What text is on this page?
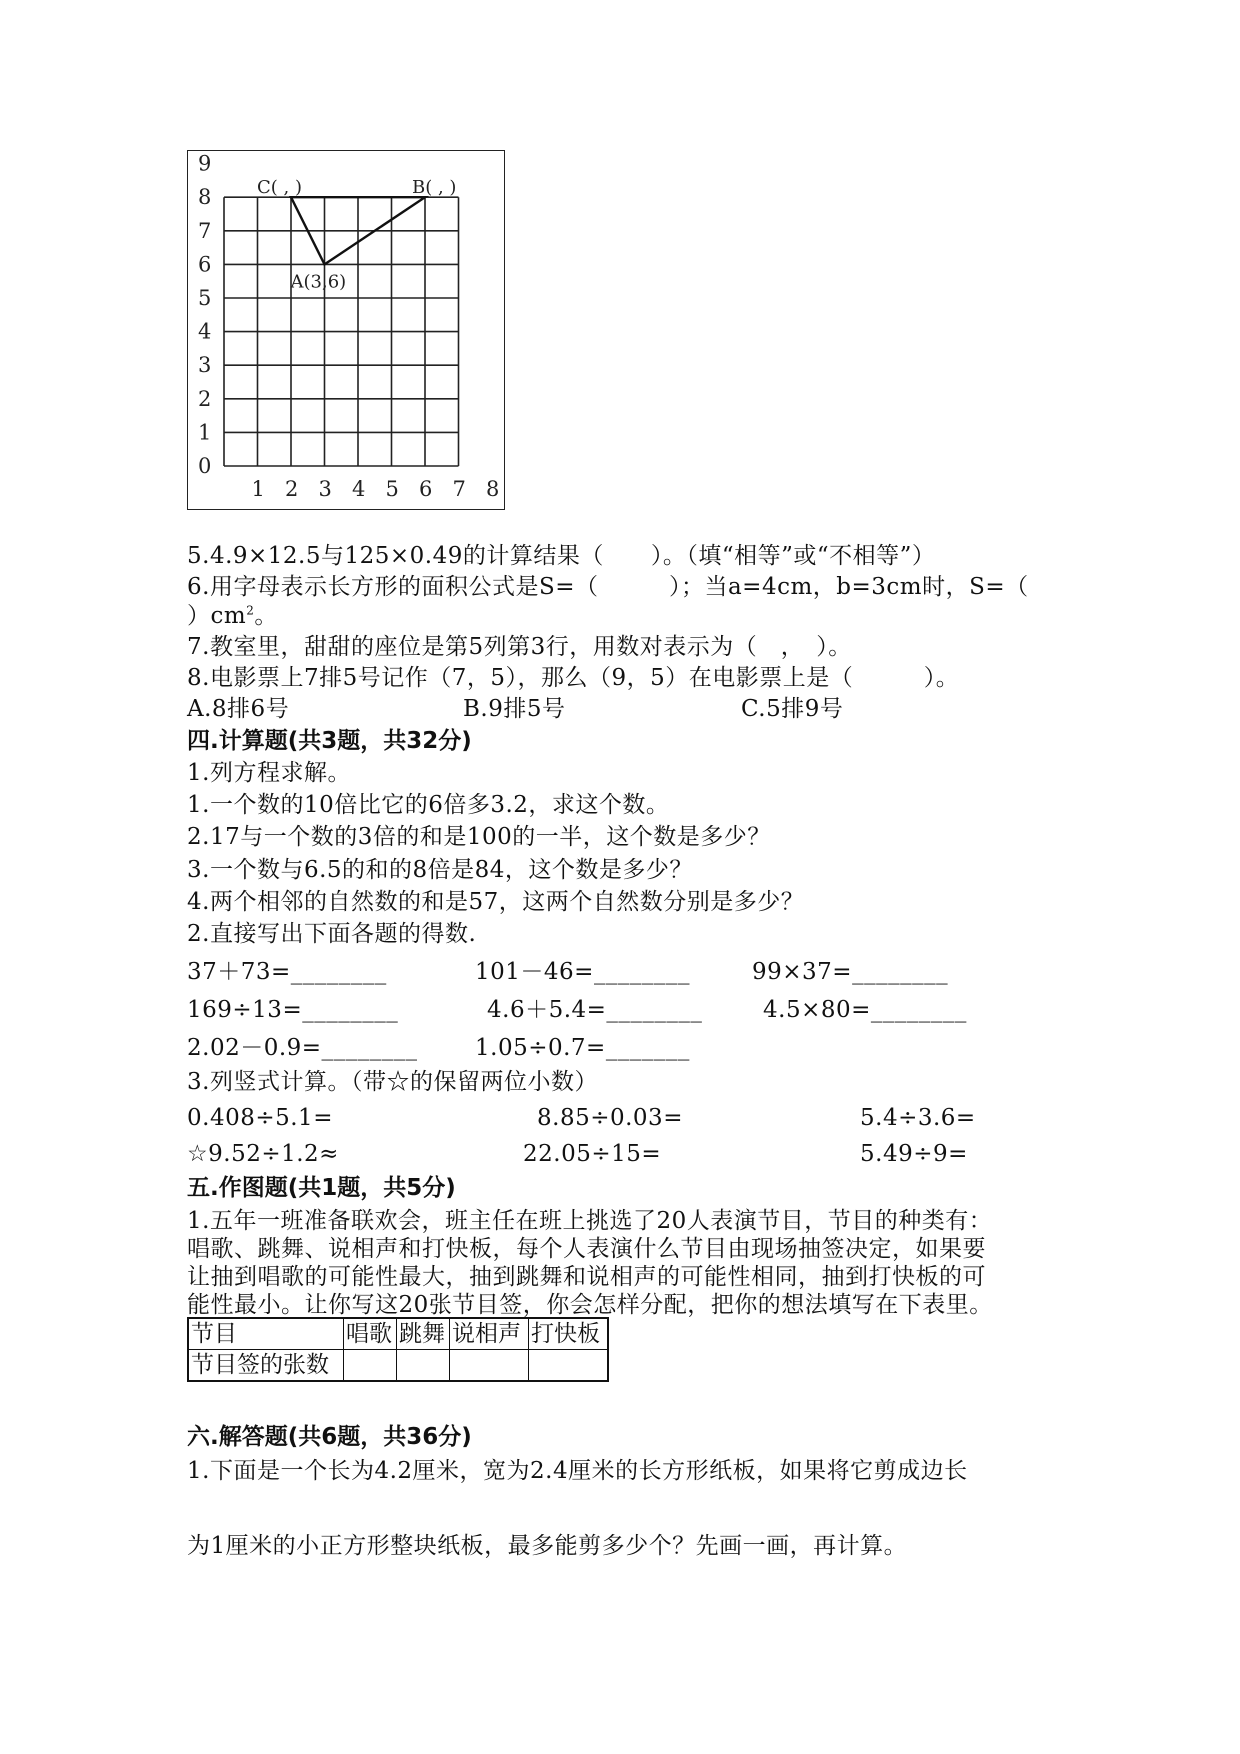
0
1
2
3
4
5
6
7
8
9
1 2 3 4 5 6 7 8
A(3,6)
B( , )
C( , )
5.4.9×12.5与125×0.49的计算结果（　　）。（填“相等”或“不相等”）
6.用字母表示长方形的面积公式是S=（　　　）；当a=4cm，b=3cm时，S=（
）$cm^2$。
7.教室里，甜甜的座位是第5列第3行，用数对表示为（　，　）。
8.电影票上7排5号记作（7，5），那么（9，5）在电影票上是（　　　）。
A.8排6号	B.9排5号	C.5排9号
四.计算题(共3题，共32分)
1.列方程求解。
1.一个数的10倍比它的6倍多3.2，求这个数。
2.17与一个数的3倍的和是100的一半，这个数是多少？
3.一个数与6.5的和的8倍是84，这个数是多少？
4.两个相邻的自然数的和是57，这两个自然数分别是多少？
2.直接写出下面各题的得数.
37＋73=________	101－46=________	99×37=________
169÷13=________	4.6＋5.4=________	4.5×80=________
2.02－0.9=________ 1.05÷0.7=_______
3.列竖式计算。（带☆的保留两位小数）
0.408÷5.1=	8.85÷0.03=	5.4÷3.6=
☆9.52÷1.2≈	22.05÷15=	5.49÷9=
五.作图题(共1题，共5分)
1.五年一班准备联欢会，班主任在班上挑选了20人表演节目，节目的种类有：
唱歌、跳舞、说相声和打快板，每个人表演什么节目由现场抽签决定，如果要
让抽到唱歌的可能性最大，抽到跳舞和说相声的可能性相同，抽到打快板的可
能性最小。让你写这20张节目签，你会怎样分配，把你的想法填写在下表里。
节目	唱歌	跳舞	说相声	打快板
节目签的张数				
六.解答题(共6题，共36分)
1.下面是一个长为4.2厘米，宽为2.4厘米的长方形纸板，如果将它剪成边长
为1厘米的小正方形整块纸板，最多能剪多少个？先画一画，再计算。
